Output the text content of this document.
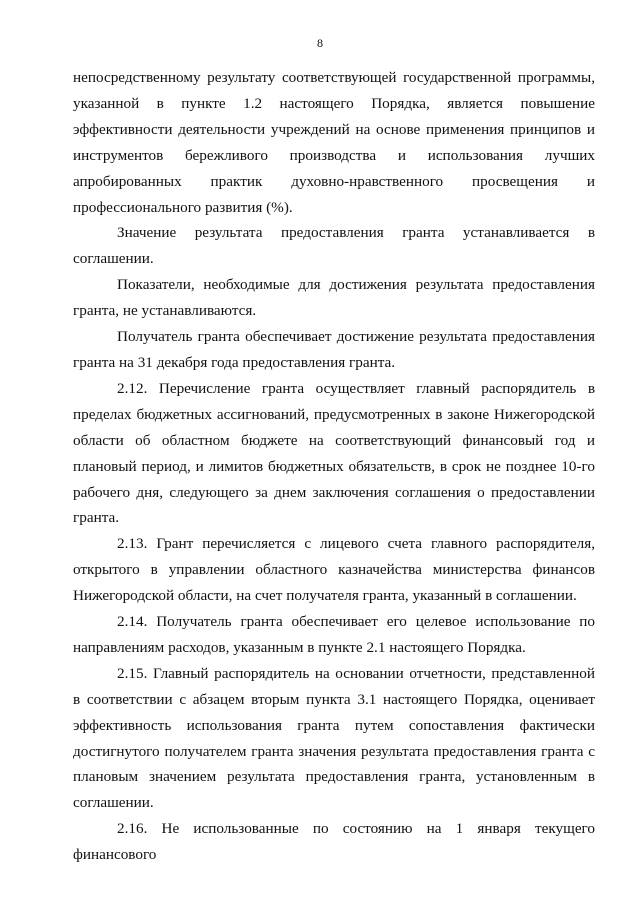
8

непосредственному результату соответствующей государственной программы, указанной в пункте 1.2 настоящего Порядка, является повышение эффективности деятельности учреждений на основе применения принципов и инструментов бережливого производства и использования лучших апробированных практик духовно-нравственного просвещения и профессионального развития (%).

Значение результата предоставления гранта устанавливается в соглашении.

Показатели, необходимые для достижения результата предоставления гранта, не устанавливаются.

Получатель гранта обеспечивает достижение результата предоставления гранта на 31 декабря года предоставления гранта.

2.12. Перечисление гранта осуществляет главный распорядитель в пределах бюджетных ассигнований, предусмотренных в законе Нижегородской области об областном бюджете на соответствующий финансовый год и плановый период, и лимитов бюджетных обязательств, в срок не позднее 10-го рабочего дня, следующего за днем заключения соглашения о предоставлении гранта.

2.13. Грант перечисляется с лицевого счета главного распорядителя, открытого в управлении областного казначейства министерства финансов Нижегородской области, на счет получателя гранта, указанный в соглашении.

2.14. Получатель гранта обеспечивает его целевое использование по направлениям расходов, указанным в пункте 2.1 настоящего Порядка.

2.15. Главный распорядитель на основании отчетности, представленной в соответствии с абзацем вторым пункта 3.1 настоящего Порядка, оценивает эффективность использования гранта путем сопоставления фактически достигнутого получателем гранта значения результата предоставления гранта с плановым значением результата предоставления гранта, установленным в соглашении.

2.16. Не использованные по состоянию на 1 января текущего финансового
